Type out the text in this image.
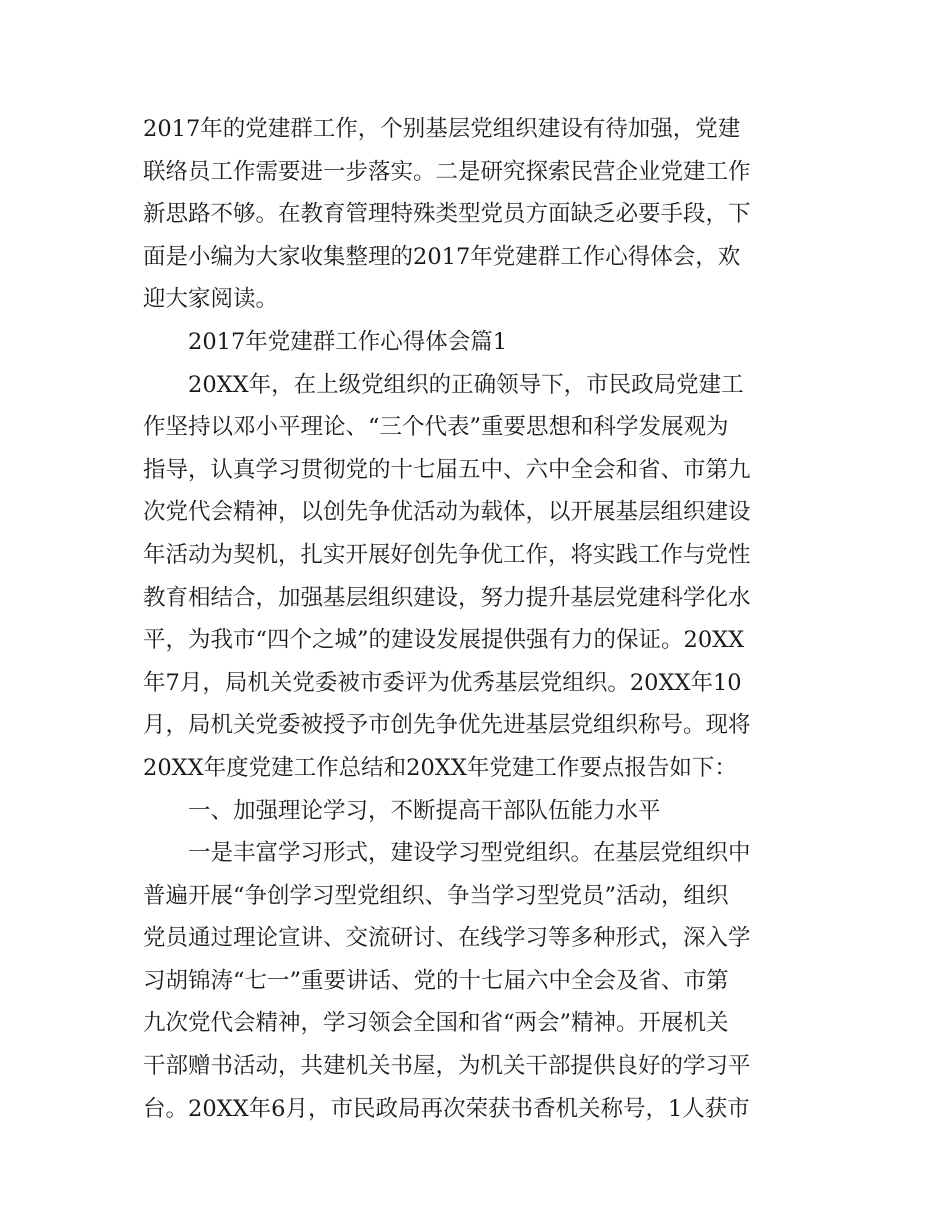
2017年的党建群工作，个别基层党组织建设有待加强，党建
联络员工作需要进一步落实。二是研究探索民营企业党建工作
新思路不够。在教育管理特殊类型党员方面缺乏必要手段，下
面是小编为大家收集整理的2017年党建群工作心得体会，欢
迎大家阅读。
2017年党建群工作心得体会篇1
20XX年，在上级党组织的正确领导下，市民政局党建工
作坚持以邓小平理论、“三个代表”重要思想和科学发展观为
指导，认真学习贯彻党的十七届五中、六中全会和省、市第九
次党代会精神，以创先争优活动为载体，以开展基层组织建设
年活动为契机，扎实开展好创先争优工作，将实践工作与党性
教育相结合，加强基层组织建设，努力提升基层党建科学化水
平，为我市“四个之城”的建设发展提供强有力的保证。20XX
年7月，局机关党委被市委评为优秀基层党组织。20XX年10
月，局机关党委被授予市创先争优先进基层党组织称号。现将
20XX年度党建工作总结和20XX年党建工作要点报告如下：
一、加强理论学习，不断提高干部队伍能力水平
一是丰富学习形式，建设学习型党组织。在基层党组织中
普遍开展“争创学习型党组织、争当学习型党员”活动，组织
党员通过理论宣讲、交流研讨、在线学习等多种形式，深入学
习胡锦涛“七一”重要讲话、党的十七届六中全会及省、市第
九次党代会精神，学习领会全国和省“两会”精神。开展机关
干部赠书活动，共建机关书屋，为机关干部提供良好的学习平
台。20XX年6月，市民政局再次荣获书香机关称号，1人获市
